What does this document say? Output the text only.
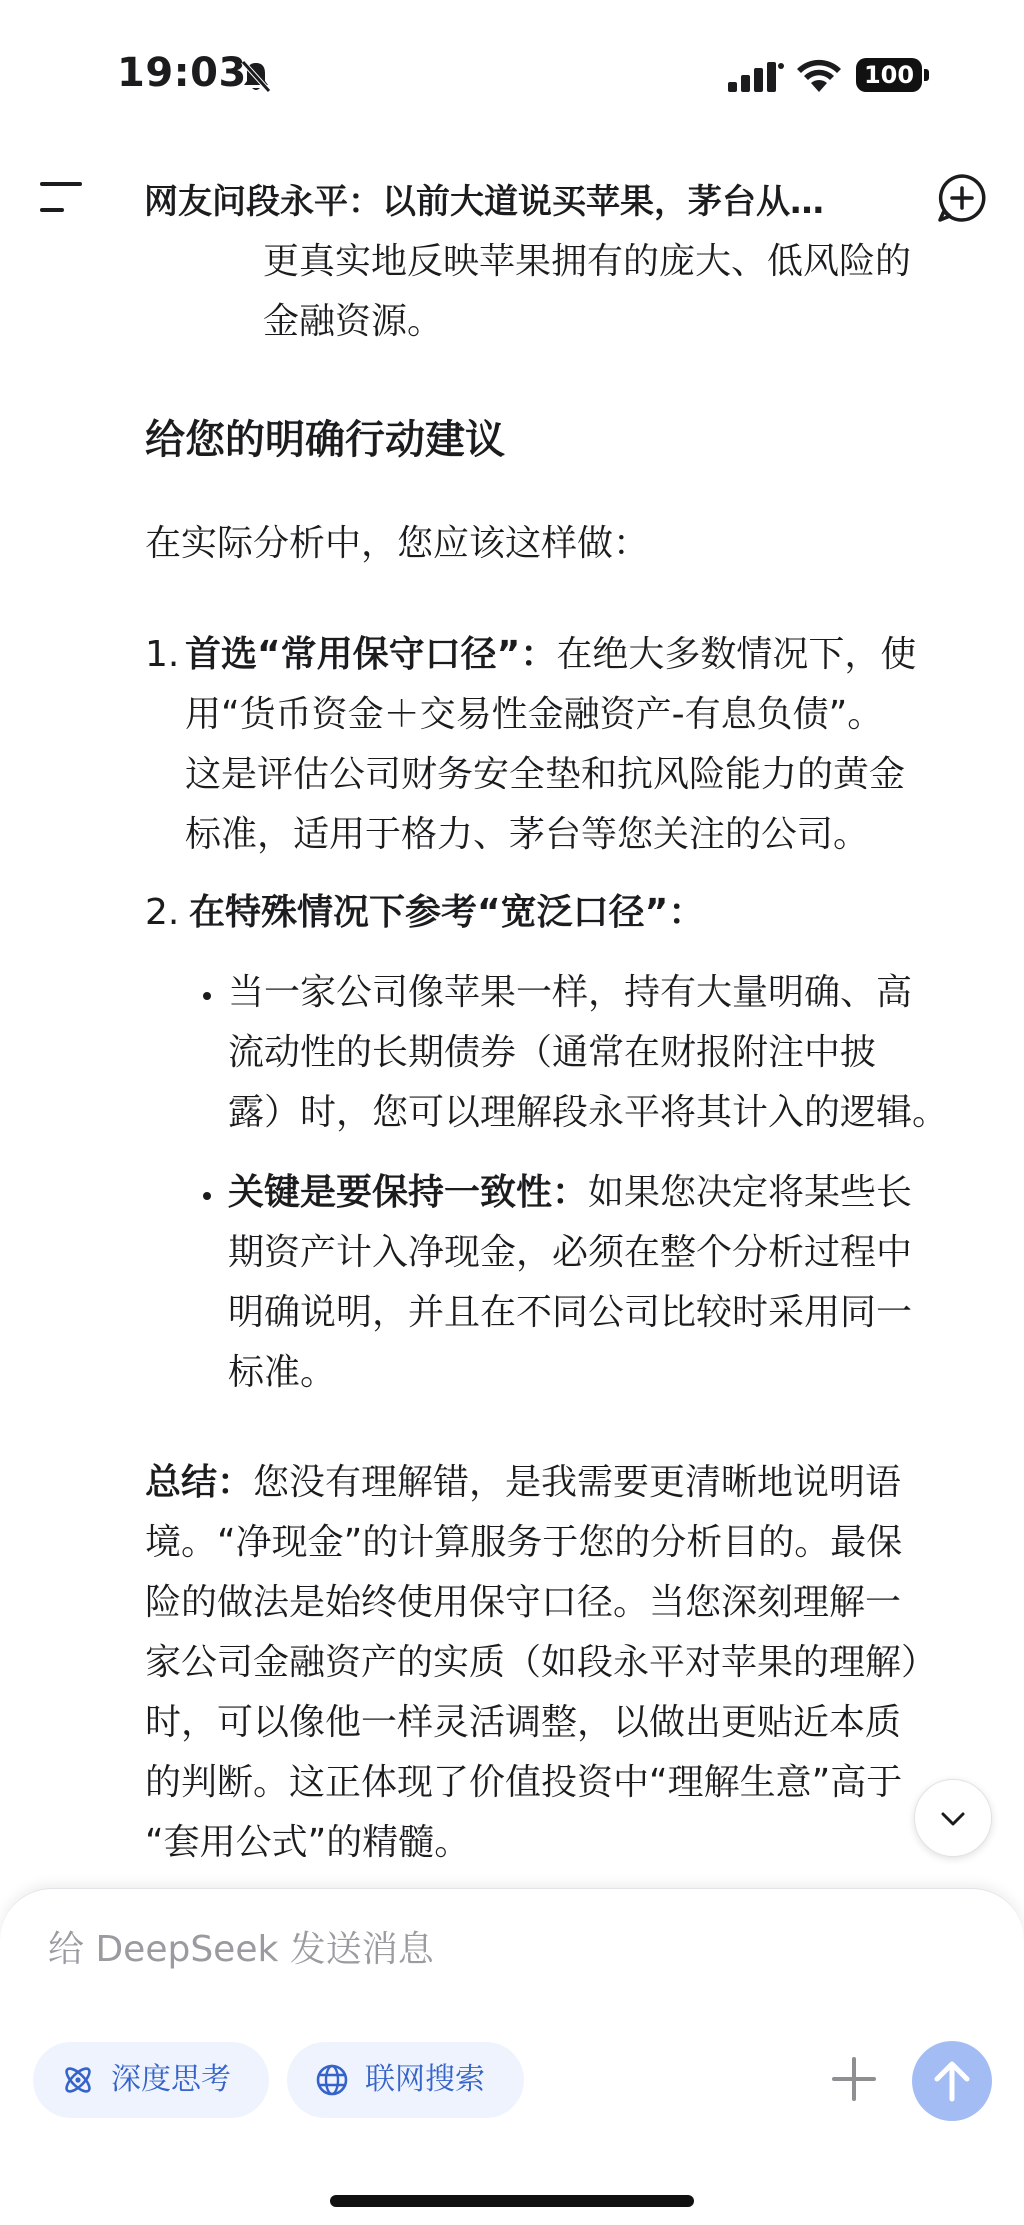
19:03	100
网友问段永平：以前大道说买苹果，茅台从…
更真实地反映苹果拥有的庞大、低风险的
金融资源。
给您的明确行动建议
在实际分析中，您应该这样做：
1. 首选“常用保守口径”：在绝大多数情况下，使
用“货币资金＋交易性金融资产-有息负债”。
这是评估公司财务安全垫和抗风险能力的黄金
标准，适用于格力、茅台等您关注的公司。
2. 在特殊情况下参考“宽泛口径”：
当一家公司像苹果一样，持有大量明确、高
流动性的长期债券（通常在财报附注中披
露）时，您可以理解段永平将其计入的逻辑。
关键是要保持一致性：如果您决定将某些长
期资产计入净现金，必须在整个分析过程中
明确说明，并且在不同公司比较时采用同一
标准。
总结：您没有理解错，是我需要更清晰地说明语
境。“净现金”的计算服务于您的分析目的。最保
险的做法是始终使用保守口径。当您深刻理解一
家公司金融资产的实质（如段永平对苹果的理解）
时，可以像他一样灵活调整，以做出更贴近本质
的判断。这正体现了价值投资中“理解生意”高于
“套用公式”的精髓。
给 DeepSeek 发送消息
深度思考	联网搜索
